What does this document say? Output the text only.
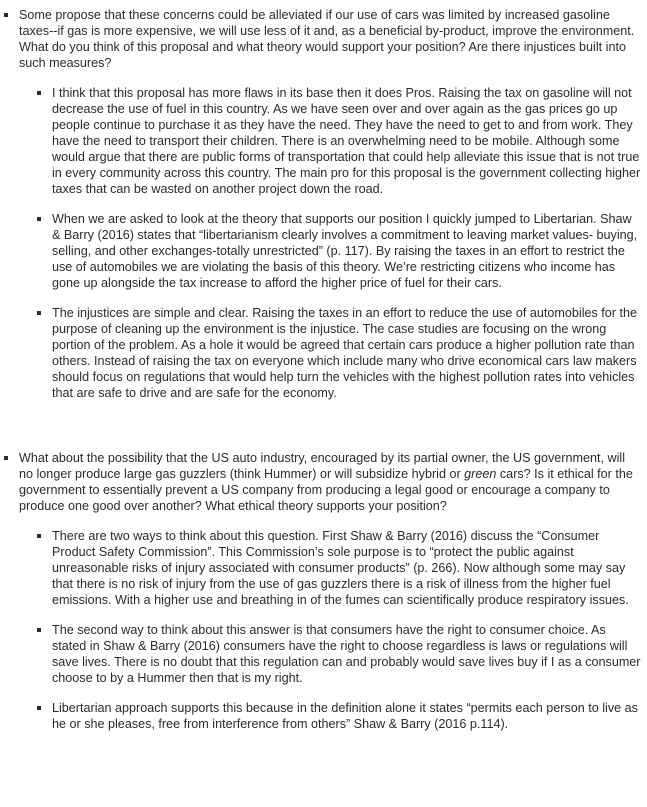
Some propose that these concerns could be alleviated if our use of cars was limited by increased gasoline taxes--if gas is more expensive, we will use less of it and, as a beneficial by-product, improve the environment. What do you think of this proposal and what theory would support your position? Are there injustices built into such measures?

I think that this proposal has more flaws in its base then it does Pros. Raising the tax on gasoline will not decrease the use of fuel in this country. As we have seen over and over again as the gas prices go up people continue to purchase it as they have the need. They have the need to get to and from work. They have the need to transport their children. There is an overwhelming need to be mobile. Although some would argue that there are public forms of transportation that could help alleviate this issue that is not true in every community across this country. The main pro for this proposal is the government collecting higher taxes that can be wasted on another project down the road.

When we are asked to look at the theory that supports our position I quickly jumped to Libertarian. Shaw & Barry (2016) states that “libertarianism clearly involves a commitment to leaving market values- buying, selling, and other exchanges-totally unrestricted” (p. 117). By raising the taxes in an effort to restrict the use of automobiles we are violating the basis of this theory. We’re restricting citizens who income has gone up alongside the tax increase to afford the higher price of fuel for their cars.

The injustices are simple and clear. Raising the taxes in an effort to reduce the use of automobiles for the purpose of cleaning up the environment is the injustice. The case studies are focusing on the wrong portion of the problem. As a hole it would be agreed that certain cars produce a higher pollution rate than others. Instead of raising the tax on everyone which include many who drive economical cars law makers should focus on regulations that would help turn the vehicles with the highest pollution rates into vehicles that are safe to drive and are safe for the economy.

What about the possibility that the US auto industry, encouraged by its partial owner, the US government, will no longer produce large gas guzzlers (think Hummer) or will subsidize hybrid or green cars? Is it ethical for the government to essentially prevent a US company from producing a legal good or encourage a company to produce one good over another? What ethical theory supports your position?

There are two ways to think about this question. First Shaw & Barry (2016) discuss the “Consumer Product Safety Commission”. This Commission’s sole purpose is to “protect the public against unreasonable risks of injury associated with consumer products” (p. 266). Now although some may say that there is no risk of injury from the use of gas guzzlers there is a risk of illness from the higher fuel emissions. With a higher use and breathing in of the fumes can scientifically produce respiratory issues.

The second way to think about this answer is that consumers have the right to consumer choice. As stated in Shaw & Barry (2016) consumers have the right to choose regardless is laws or regulations will save lives. There is no doubt that this regulation can and probably would save lives buy if I as a consumer choose to by a Hummer then that is my right.

Libertarian approach supports this because in the definition alone it states “permits each person to live as he or she pleases, free from interference from others” Shaw & Barry (2016 p.114).
